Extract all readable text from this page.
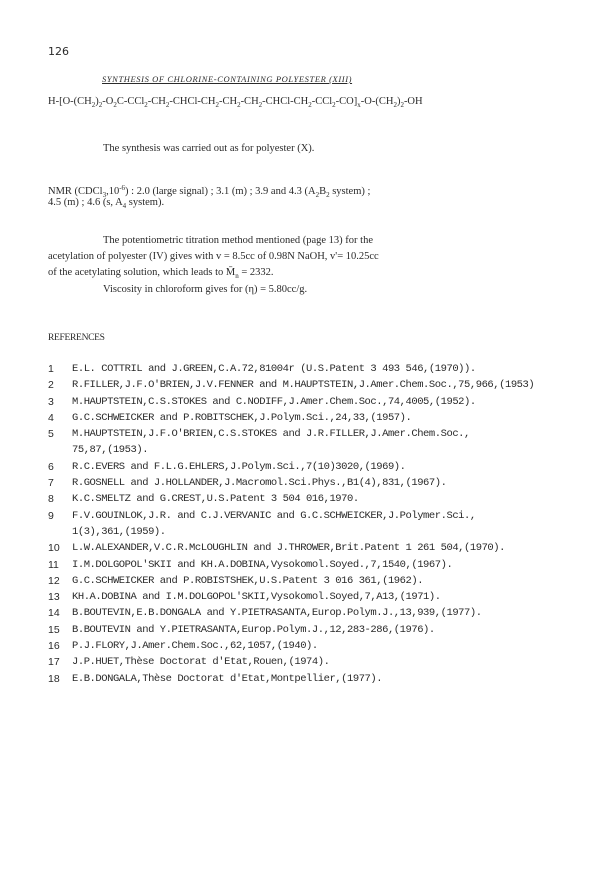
126
SYNTHESIS OF CHLORINE-CONTAINING POLYESTER (XIII)
$H-[O-(CH_2)_2-O_2C-CCl_2-CH_2-CHCl-CH_2-CH_2-CH_2-CHCl-CH_2-CCl_2-CO]_x-O-(CH_2)_2-OH$
The synthesis was carried out as for polyester (X).
NMR $(CDCl_3,10^{-6})$ : 2.0 (large signal) ; 3.1 (m) ; 3.9 and 4.3 ($A_2B_2$ system) ;
4.5 (m) ; 4.6 (s, $A_4$ system).
The potentiometric titration method mentioned (page 13) for the
acetylation of polyester (IV) gives with v = 8.5cc of 0.98N NaOH, v'= 10.25cc
of the acetylating solution, which leads to $M̄_n = 2332$.
Viscosity in chloroform gives for (η) = 5.80cc/g.
REFERENCES
1	E.L. COTTRIL and J.GREEN,C.A.72,81004r (U.S.Patent 3 493 546,(1970)).
2	R.FILLER,J.F.O'BRIEN,J.V.FENNER and M.HAUPTSTEIN,J.Amer.Chem.Soc.,75,966,(1953)
3	M.HAUPTSTEIN,C.S.STOKES and C.NODIFF,J.Amer.Chem.Soc.,74,4005,(1952).
4	G.C.SCHWEICKER and P.ROBITSCHEK,J.Polym.Sci.,24,33,(1957).
5	M.HAUPTSTEIN,J.F.O'BRIEN,C.S.STOKES and J.R.FILLER,J.Amer.Chem.Soc.,
75,87,(1953).
6	R.C.EVERS and F.L.G.EHLERS,J.Polym.Sci.,7(10)3020,(1969).
7	R.GOSNELL and J.HOLLANDER,J.Macromol.Sci.Phys.,B1(4),831,(1967).
8	K.C.SMELTZ and G.CREST,U.S.Patent 3 504 016,1970.
9	F.V.GOUINLOK,J.R. and C.J.VERVANIC and G.C.SCHWEICKER,J.Polymer.Sci.,
1(3),361,(1959).
10	L.W.ALEXANDER,V.C.R.McLOUGHLIN and J.THROWER,Brit.Patent 1 261 504,(1970).
11	I.M.DOLGOPOL'SKII and KH.A.DOBINA,Vysokomol.Soyed.,7,1540,(1967).
12	G.C.SCHWEICKER and P.ROBISTSHEK,U.S.Patent 3 016 361,(1962).
13	KH.A.DOBINA and I.M.DOLGOPOL'SKII,Vysokomol.Soyed,7,A13,(1971).
14	B.BOUTEVIN,E.B.DONGALA and Y.PIETRASANTA,Europ.Polym.J.,13,939,(1977).
15	B.BOUTEVIN and Y.PIETRASANTA,Europ.Polym.J.,12,283-286,(1976).
16	P.J.FLORY,J.Amer.Chem.Soc.,62,1057,(1940).
17	J.P.HUET,Thèse Doctorat d'Etat,Rouen,(1974).
18	E.B.DONGALA,Thèse Doctorat d'Etat,Montpellier,(1977).
